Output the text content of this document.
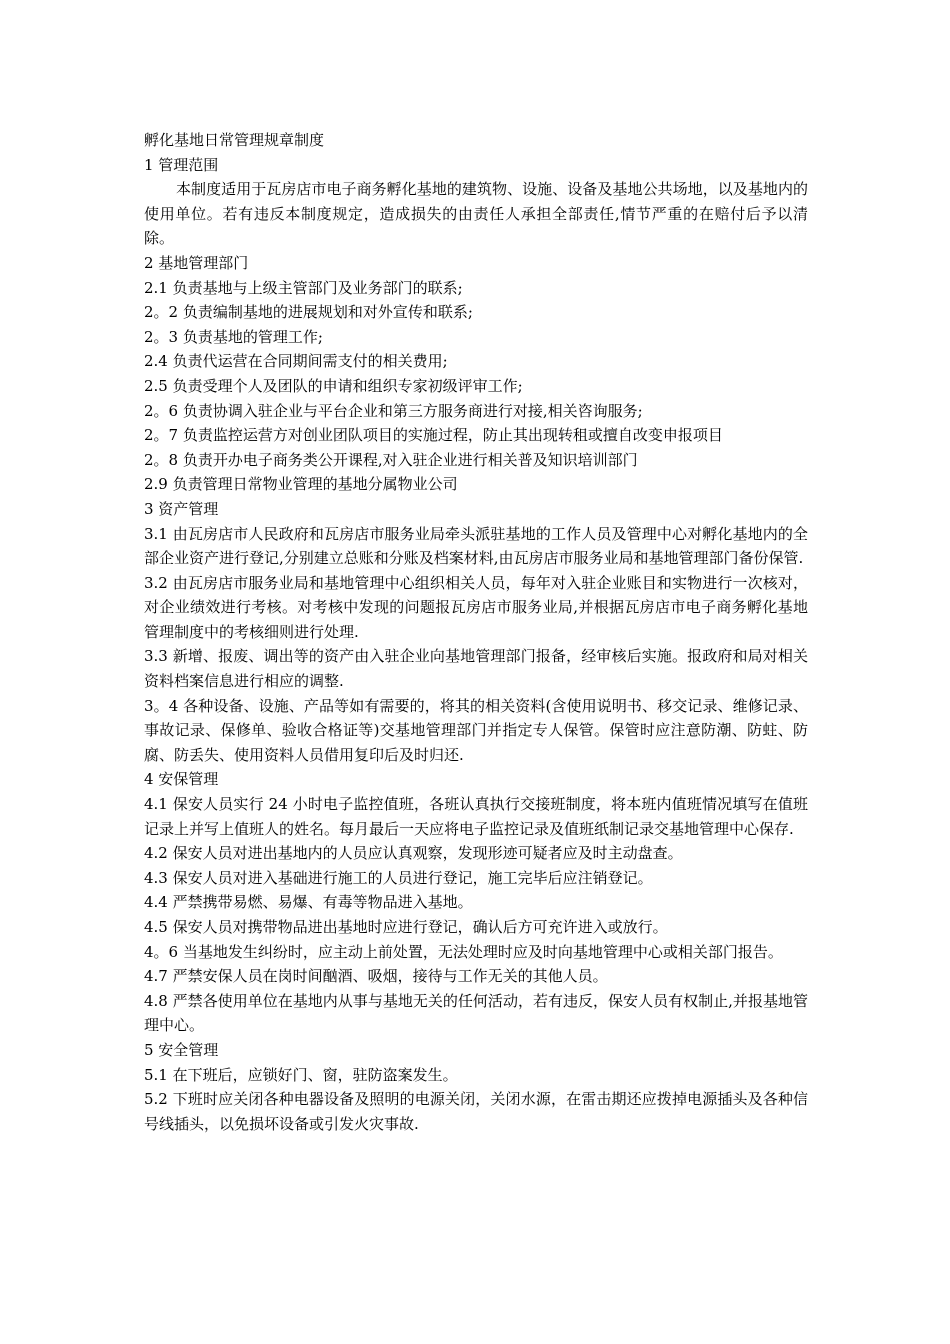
孵化基地日常管理规章制度

1 管理范围

本制度适用于瓦房店市电子商务孵化基地的建筑物、设施、设备及基地公共场地，以及基地内的使用单位。若有违反本制度规定，造成损失的由责任人承担全部责任,情节严重的在赔付后予以清除。

2 基地管理部门

2.1 负责基地与上级主管部门及业务部门的联系;

2。2 负责编制基地的进展规划和对外宣传和联系;

2。3 负责基地的管理工作;

2.4 负责代运营在合同期间需支付的相关费用;

2.5 负责受理个人及团队的申请和组织专家初级评审工作;

2。6 负责协调入驻企业与平台企业和第三方服务商进行对接,相关咨询服务;

2。7 负责监控运营方对创业团队项目的实施过程，防止其出现转租或擅自改变申报项目

2。8 负责开办电子商务类公开课程,对入驻企业进行相关普及知识培训部门

2.9 负责管理日常物业管理的基地分属物业公司

3 资产管理

3.1 由瓦房店市人民政府和瓦房店市服务业局牵头派驻基地的工作人员及管理中心对孵化基地内的全部企业资产进行登记,分别建立总账和分账及档案材料,由瓦房店市服务业局和基地管理部门备份保管.

3.2 由瓦房店市服务业局和基地管理中心组织相关人员，每年对入驻企业账目和实物进行一次核对，对企业绩效进行考核。对考核中发现的问题报瓦房店市服务业局,并根据瓦房店市电子商务孵化基地管理制度中的考核细则进行处理.

3.3 新增、报废、调出等的资产由入驻企业向基地管理部门报备，经审核后实施。报政府和局对相关资料档案信息进行相应的调整.

3。4 各种设备、设施、产品等如有需要的，将其的相关资料(含使用说明书、移交记录、维修记录、事故记录、保修单、验收合格证等)交基地管理部门并指定专人保管。保管时应注意防潮、防蛀、防腐、防丢失、使用资料人员借用复印后及时归还.

4 安保管理

4.1 保安人员实行 24 小时电子监控值班，各班认真执行交接班制度，将本班内值班情况填写在值班记录上并写上值班人的姓名。每月最后一天应将电子监控记录及值班纸制记录交基地管理中心保存.

4.2 保安人员对进出基地内的人员应认真观察，发现形迹可疑者应及时主动盘查。

4.3 保安人员对进入基础进行施工的人员进行登记，施工完毕后应注销登记。

4.4 严禁携带易燃、易爆、有毒等物品进入基地。

4.5 保安人员对携带物品进出基地时应进行登记，确认后方可充许进入或放行。

4。6 当基地发生纠纷时，应主动上前处置，无法处理时应及时向基地管理中心或相关部门报告。

4.7 严禁安保人员在岗时间酗酒、吸烟，接待与工作无关的其他人员。

4.8 严禁各使用单位在基地内从事与基地无关的任何活动，若有违反，保安人员有权制止,并报基地管理中心。

5 安全管理

5.1 在下班后，应锁好门、窗，驻防盗案发生。

5.2 下班时应关闭各种电器设备及照明的电源关闭，关闭水源，在雷击期还应拨掉电源插头及各种信号线插头，以免损坏设备或引发火灾事故.
